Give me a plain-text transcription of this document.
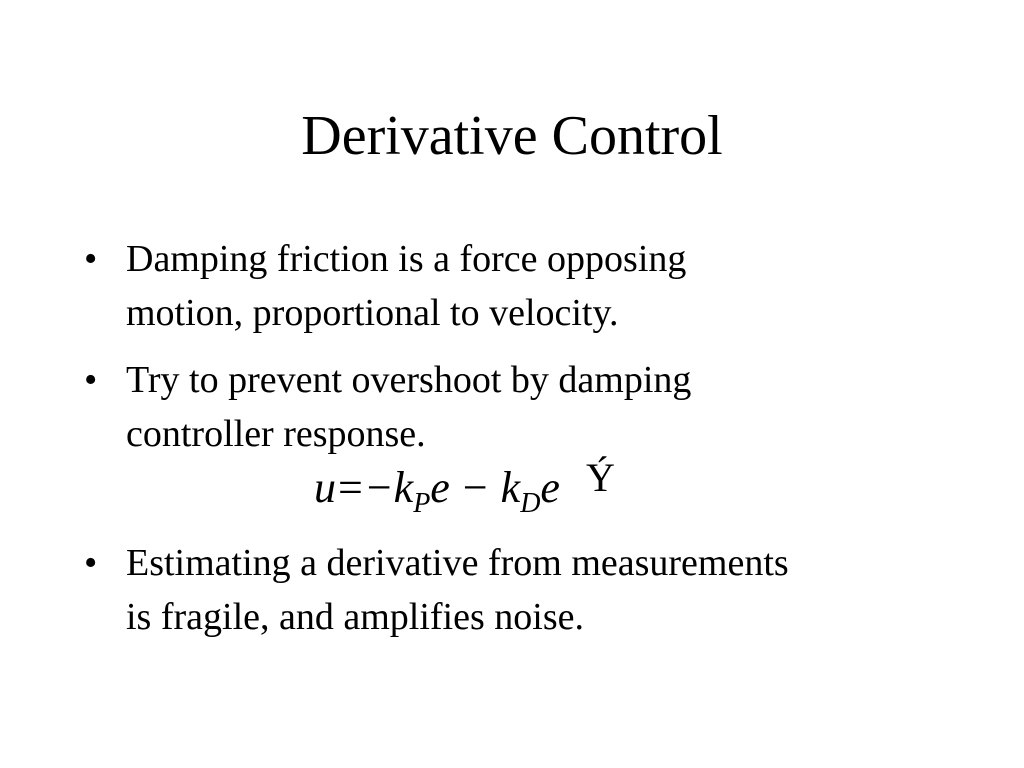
Derivative Control
• Damping friction is a force opposing
motion, proportional to velocity.
• Try to prevent overshoot by damping
controller response.
$u=-k_Pe - k_De$ Ý
• Estimating a derivative from measurements
is fragile, and amplifies noise.
